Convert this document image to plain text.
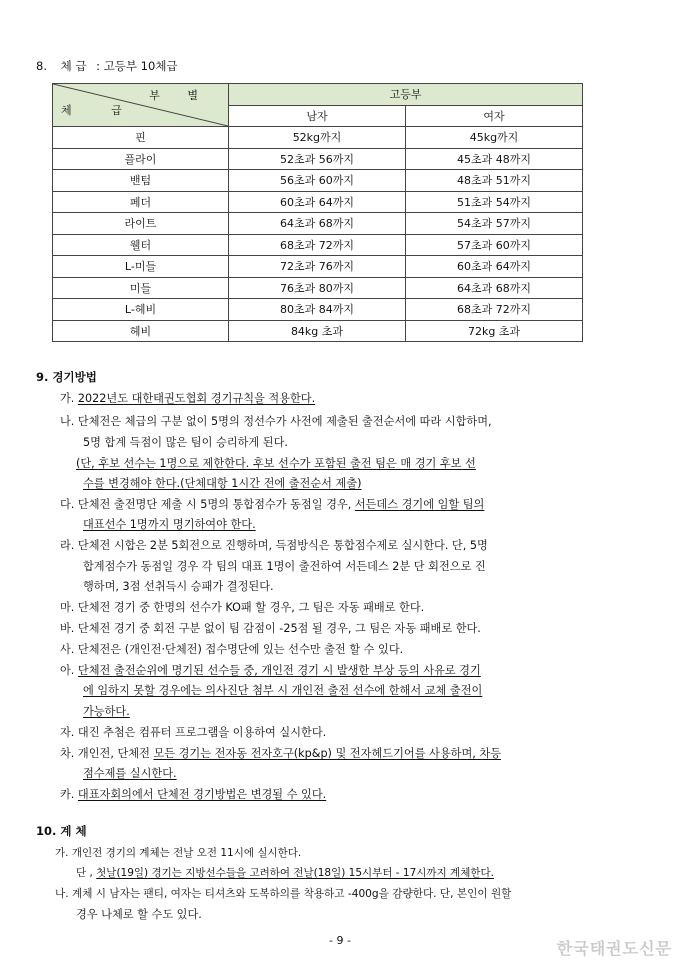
8. 체 급 : 고등부 10체급
부 별
체 급	고등부	
	남자	여자
핀	52kg까지	45kg까지
플라이	52초과 56까지	45초과 48까지
밴텀	56초과 60까지	48초과 51까지
페더	60초과 64까지	51초과 54까지
라이트	64초과 68까지	54초과 57까지
웰터	68초과 72까지	57초과 60까지
L-미들	72초과 76까지	60초과 64까지
미들	76초과 80까지	64초과 68까지
L-헤비	80초과 84까지	68초과 72까지
헤비	84kg 초과	72kg 초과
9. 경기방법
가. 2022년도 대한태권도협회 경기규칙을 적용한다.
나. 단체전은 체급의 구분 없이 5명의 정선수가 사전에 제출된 출전순서에 따라 시합하며,
5명 합계 득점이 많은 팀이 승리하게 된다.
(단, 후보 선수는 1명으로 제한한다. 후보 선수가 포함된 출전 팀은 매 경기 후보 선
수를 변경해야 한다.(단체대항 1시간 전에 출전순서 제출)
다. 단체전 출전명단 제출 시 5명의 통합점수가 동점일 경우, 서든데스 경기에 임할 팀의
대표선수 1명까지 명기하여야 한다.
라. 단체전 시합은 2분 5회전으로 진행하며, 득점방식은 통합점수제로 실시한다. 단, 5명
합계점수가 동점일 경우 각 팀의 대표 1명이 출전하여 서든데스 2분 단 회전으로 진
행하며, 3점 선취득시 승패가 결정된다.
마. 단체전 경기 중 한명의 선수가 KO패 할 경우, 그 팀은 자동 패배로 한다.
바. 단체전 경기 중 회전 구분 없이 팀 감점이 -25점 될 경우, 그 팀은 자동 패배로 한다.
사. 단체전은 (개인전·단체전) 접수명단에 있는 선수만 출전 할 수 있다.
아. 단체전 출전순위에 명기된 선수들 중, 개인전 경기 시 발생한 부상 등의 사유로 경기
에 임하지 못할 경우에는 의사진단 첨부 시 개인전 출전 선수에 한해서 교체 출전이
가능하다.
자. 대진 추첨은 컴퓨터 프로그램을 이용하여 실시한다.
차. 개인전, 단체전 모든 경기는 전자동 전자호구(kp&p) 및 전자헤드기어를 사용하며, 차등
점수제를 실시한다.
카. 대표자회의에서 단체전 경기방법은 변경될 수 있다.
10. 계 체
가. 개인전 경기의 계체는 전날 오전 11시에 실시한다.
단 , 첫날(19일) 경기는 지방선수들을 고려하여 전날(18일) 15시부터 - 17시까지 계체한다.
나. 계체 시 남자는 팬티, 여자는 티셔츠와 도복하의를 착용하고 -400g을 감량한다. 단, 본인이 원할
경우 나체로 할 수도 있다.
- 9 -	한국태권도신문
